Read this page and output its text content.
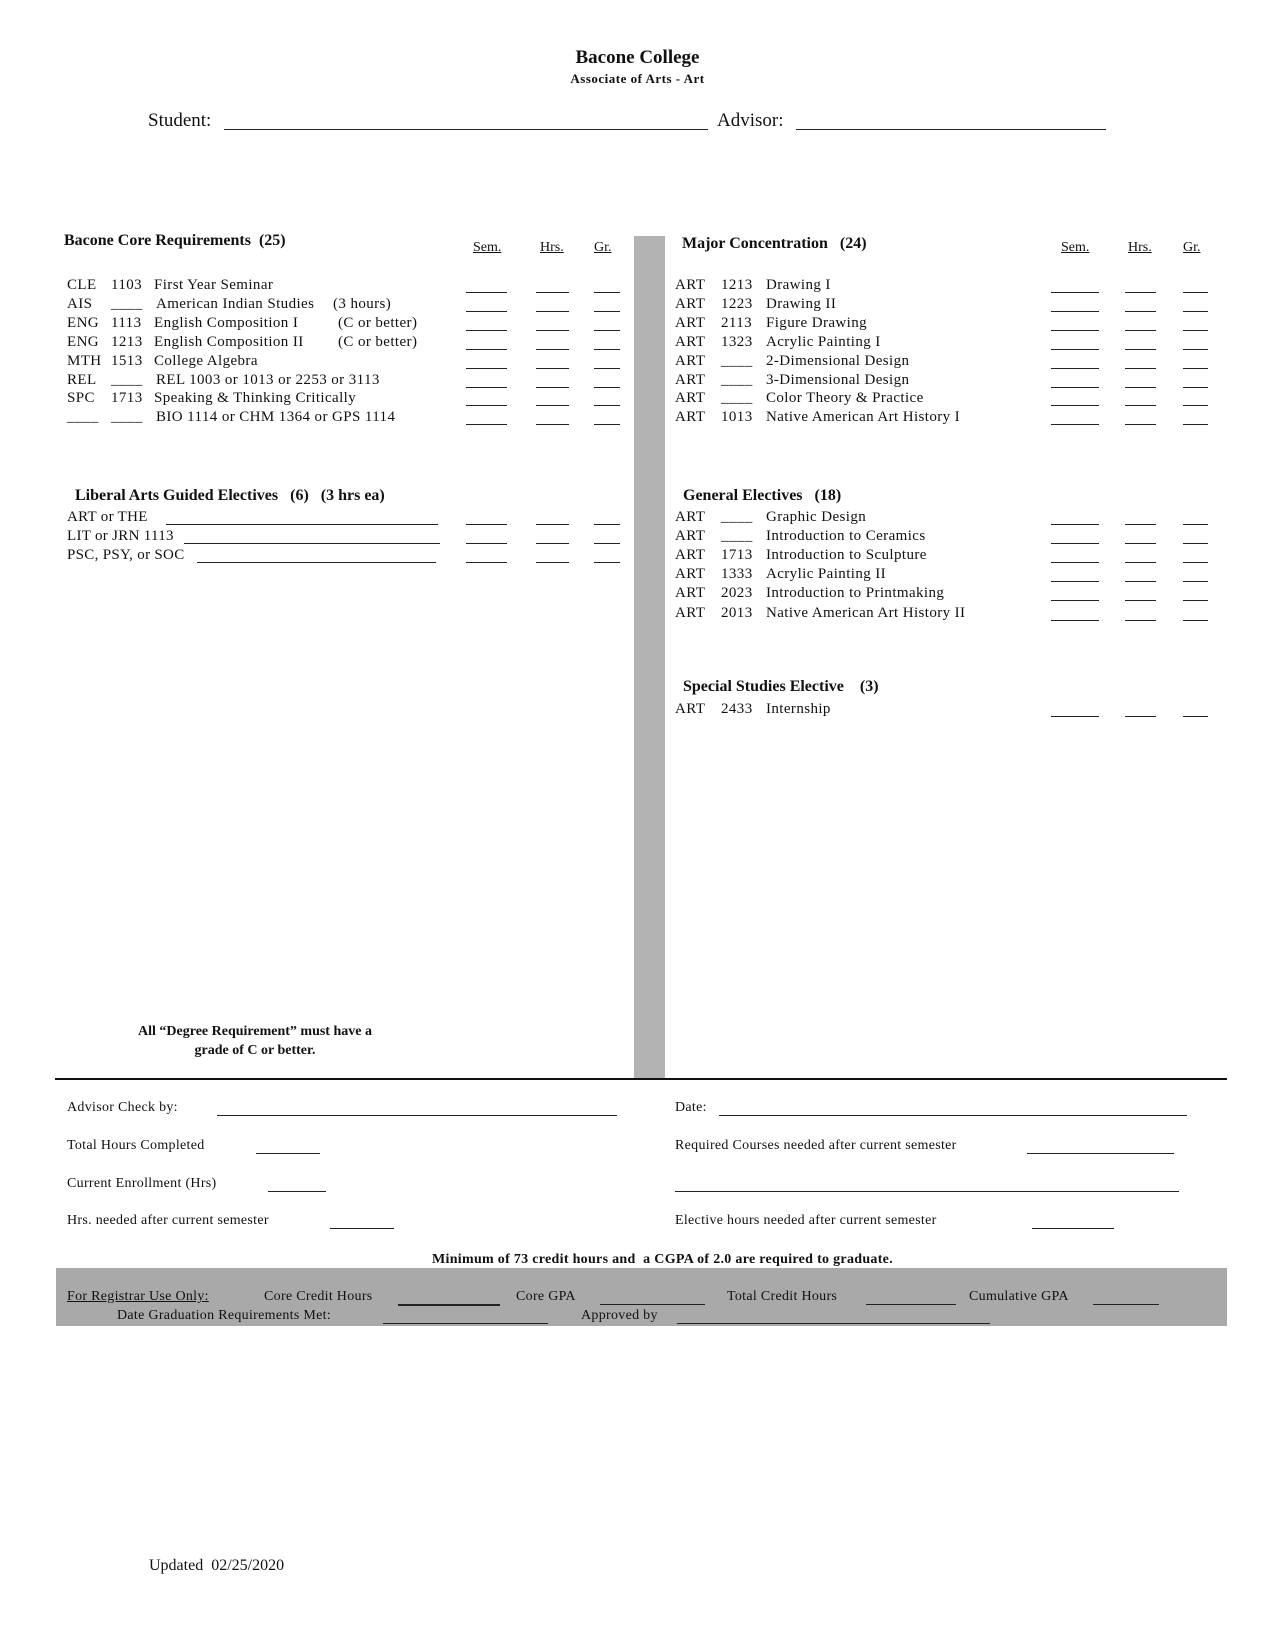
Bacone College
Associate of Arts - Art
Student:	Advisor:

Bacone Core Requirements (25)	Sem.	Hrs. Gr.
CLE 1103 First Year Seminar
AIS ____ American Indian Studies (3 hours)
ENG 1113 English Composition I	(C or better)
ENG 1213 English Composition II (C or better)
MTH 1513 College Algebra
REL ____ REL 1003 or 1013 or 2253 or 3113
SPC 1713 Speaking & Thinking Critically
____ ____ BIO 1114 or CHM 1364 or GPS 1114

Liberal Arts Guided Electives (6) (3 hrs ea)

ART or THE
LIT or JRN 1113
PSC, PSY, or SOC
All “Degree Requirement” must have a
grade of C or better.

Major Concentration (24)	Sem.	Hrs. Gr.
ART 1213 Drawing I
ART 1223 Drawing II
ART 2113 Figure Drawing
ART 1323 Acrylic Painting I
ART ____ 2-Dimensional Design
ART ____ 3-Dimensional Design
ART ____ Color Theory & Practice
ART 1013 Native American Art History I

General Electives (18)

ART ____ Graphic Design
ART ____ Introduction to Ceramics
ART 1713 Introduction to Sculpture
ART 1333 Acrylic Painting II
ART 2023 Introduction to Printmaking
ART 2013 Native American Art History II

Special Studies Elective (3)

ART 2433 Internship
Advisor Check by:	Date:
Total Hours Completed	Required Courses needed after current semester
Current Enrollment (Hrs)
Hrs. needed after current semester	Elective hours needed after current semester
Minimum of 73 credit hours and  a CGPA of 2.0 are required to graduate.
For Registrar Use Only:	Core Credit Hours	Core GPA	Total Credit Hours	Cumulative GPA
Date Graduation Requirements Met:	Approved by
Updated  02/25/2020
